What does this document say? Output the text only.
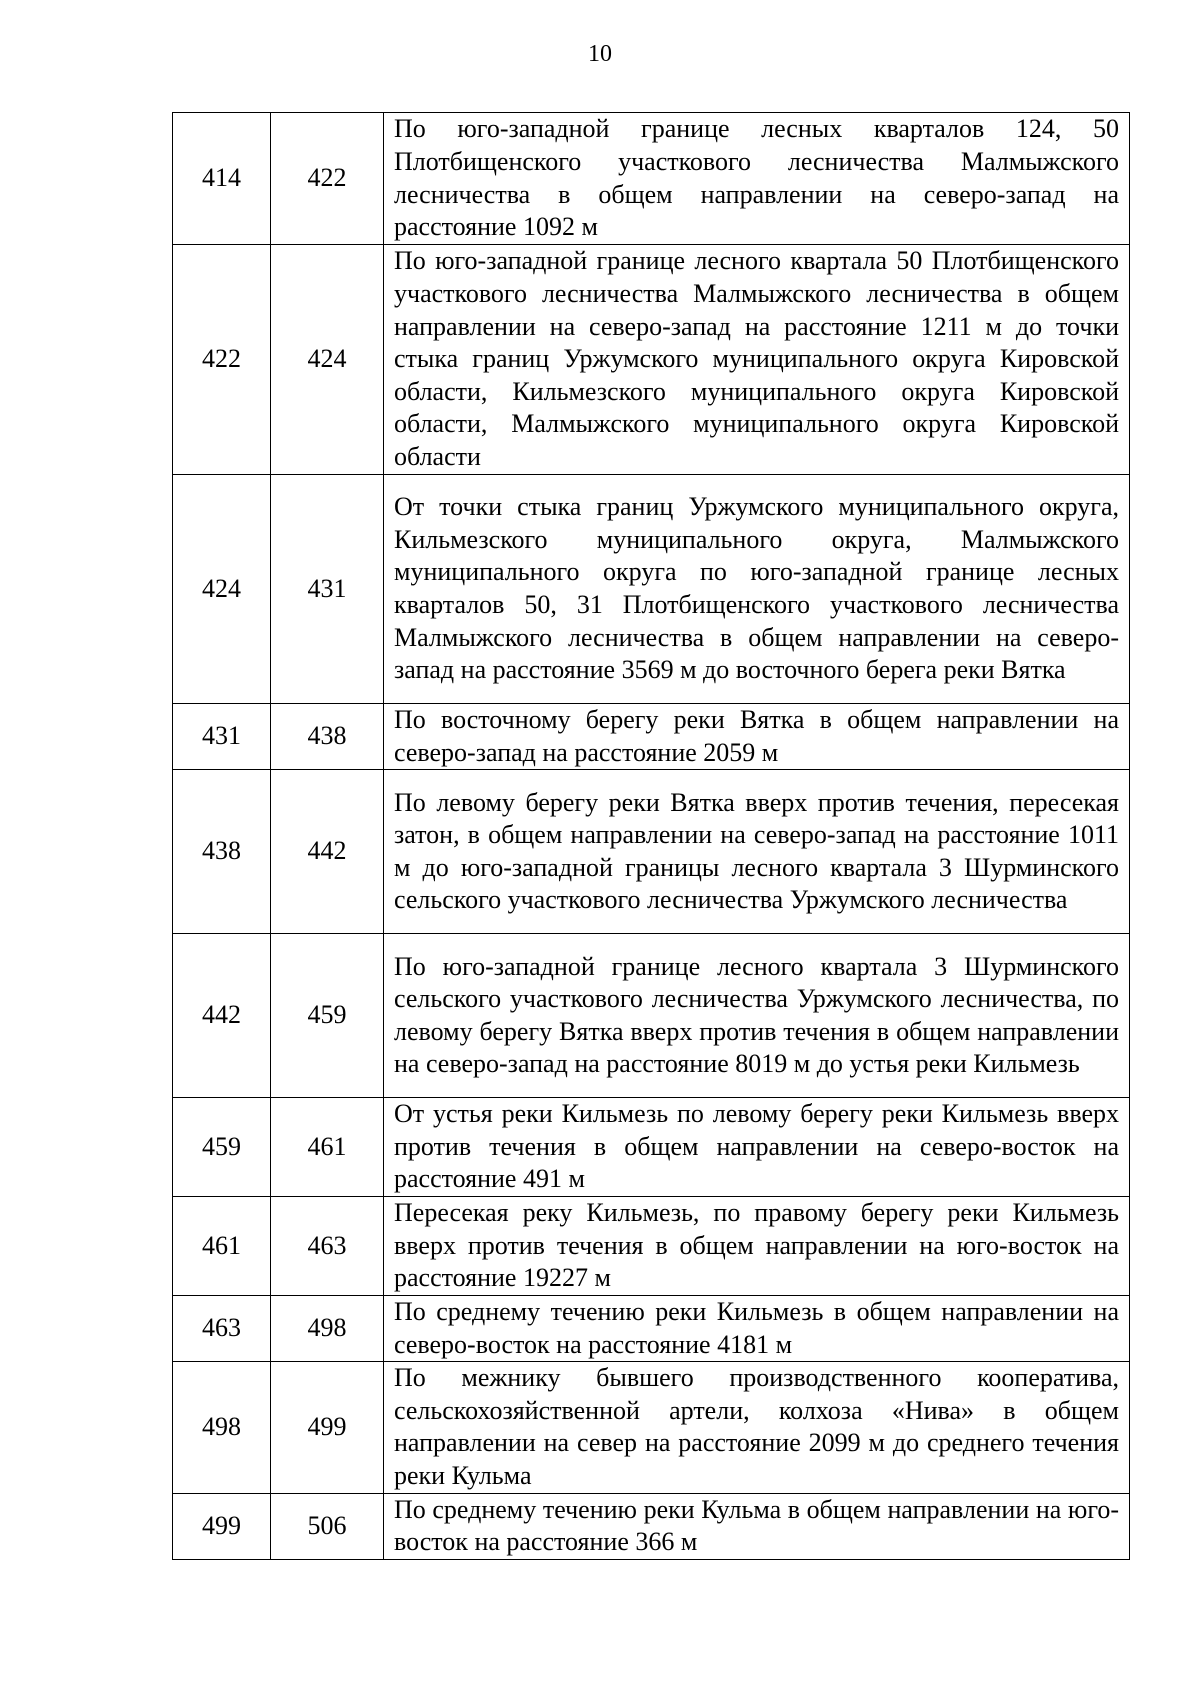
10
414	422	По юго-западной границе лесных кварталов 124, 50 Плотбищенского участкового лесничества Малмыжского лесничества в общем направлении на северо-запад на расстояние 1092 м
422	424	По юго-западной границе лесного квартала 50 Плотбищенского участкового лесничества Малмыжского лесничества в общем направлении на северо-запад на расстояние 1211 м до точки стыка границ Уржумского муниципального округа Кировской области, Кильмезского муниципального округа Кировской области, Малмыжского муниципального округа Кировской области
424	431	От точки стыка границ Уржумского муниципального округа, Кильмезского муниципального округа, Малмыжского муниципального округа по юго-западной границе лесных кварталов 50, 31 Плотбищенского участкового лесничества Малмыжского лесничества в общем направлении на северо-запад на расстояние 3569 м до восточного берега реки Вятка
431	438	По восточному берегу реки Вятка в общем направлении на северо-запад на расстояние 2059 м
438	442	По левому берегу реки Вятка вверх против течения, пересекая затон, в общем направлении на северо-запад на расстояние 1011 м до юго-западной границы лесного квартала 3 Шурминского сельского участкового лесничества Уржумского лесничества
442	459	По юго-западной границе лесного квартала 3 Шурминского сельского участкового лесничества Уржумского лесничества, по левому берегу Вятка вверх против течения в общем направлении на северо-запад на расстояние 8019 м до устья реки Кильмезь
459	461	От устья реки Кильмезь по левому берегу реки Кильмезь вверх против течения в общем направлении на северо-восток на расстояние 491 м
461	463	Пересекая реку Кильмезь, по правому берегу реки Кильмезь вверх против течения в общем направлении на юго-восток на расстояние 19227 м
463	498	По среднему течению реки Кильмезь в общем направлении на северо-восток на расстояние 4181 м
498	499	По межнику бывшего производственного кооператива, сельскохозяйственной артели, колхоза «Нива» в общем направлении на север на расстояние 2099 м до среднего течения реки Кульма
499	506	По среднему течению реки Кульма в общем направлении на юго-восток на расстояние 366 м
